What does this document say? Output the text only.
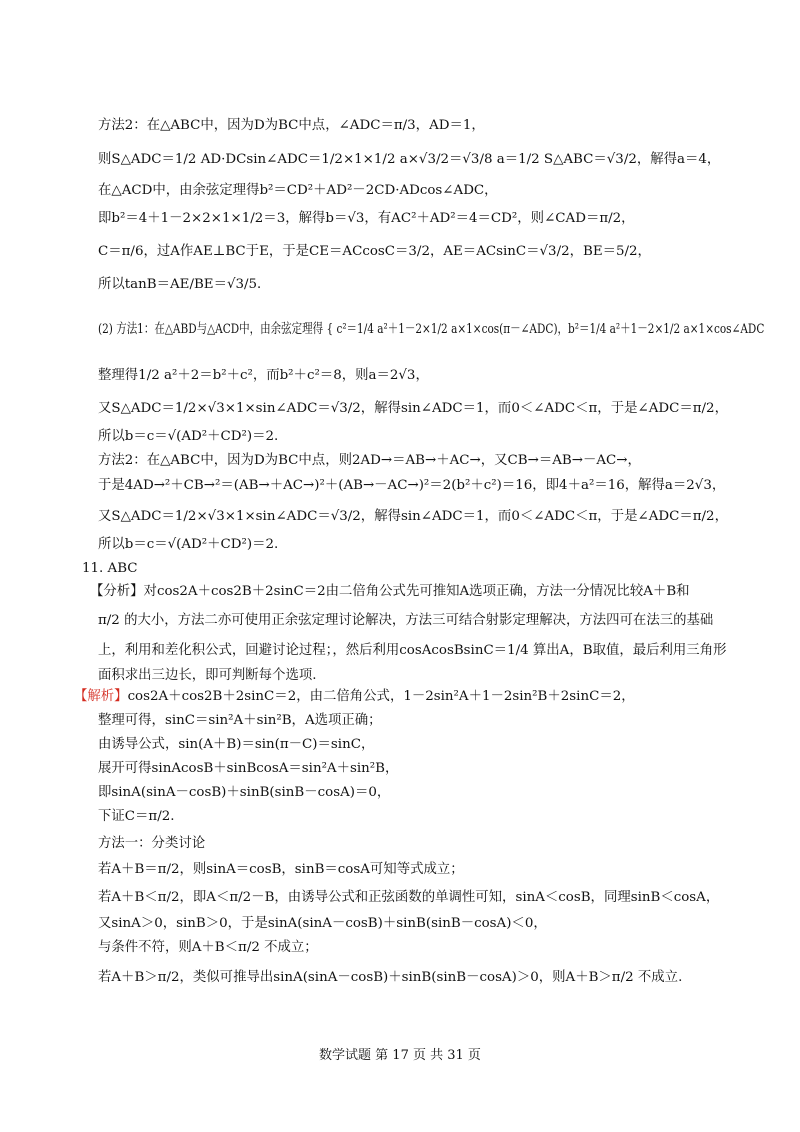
方法2：在△ABC中，因为D为BC中点，∠ADC＝π/3，AD＝1，
则S△ADC＝1/2 AD·DCsin∠ADC＝1/2×1×1/2 a×√3/2＝√3/8 a＝1/2 S△ABC＝√3/2，解得a＝4，
在△ACD中，由余弦定理得b²＝CD²＋AD²－2CD·ADcos∠ADC，
即b²＝4＋1－2×2×1×1/2＝3，解得b＝√3，有AC²＋AD²＝4＝CD²，则∠CAD＝π/2，
C＝π/6，过A作AE⊥BC于E，于是CE＝ACcosC＝3/2，AE＝ACsinC＝√3/2，BE＝5/2，
所以tanB＝AE/BE＝√3/5．
(2) 方法1：在△ABD与△ACD中，由余弦定理得 { c²＝1/4 a²＋1－2×1/2 a×1×cos(π－∠ADC)，b²＝1/4 a²＋1－2×1/2 a×1×cos∠ADC
整理得1/2 a²＋2＝b²＋c²，而b²＋c²＝8，则a＝2√3，
又S△ADC＝1/2×√3×1×sin∠ADC＝√3/2，解得sin∠ADC＝1，而0＜∠ADC＜π，于是∠ADC＝π/2，
所以b＝c＝√(AD²＋CD²)＝2.
方法2：在△ABC中，因为D为BC中点，则2AD→＝AB→＋AC→，又CB→＝AB→－AC→，
于是4AD→²＋CB→²＝(AB→＋AC→)²＋(AB→－AC→)²＝2(b²＋c²)＝16，即4＋a²＝16，解得a＝2√3，
又S△ADC＝1/2×√3×1×sin∠ADC＝√3/2，解得sin∠ADC＝1，而0＜∠ADC＜π，于是∠ADC＝π/2，
所以b＝c＝√(AD²＋CD²)＝2.
11. ABC
【分析】对cos2A＋cos2B＋2sinC＝2由二倍角公式先可推知A选项正确，方法一分情况比较A＋B和
π/2 的大小，方法二亦可使用正余弦定理讨论解决，方法三可结合射影定理解决，方法四可在法三的基础
上，利用和差化积公式，回避讨论过程；，然后利用cosAcosBsinC＝1/4 算出A，B取值，最后利用三角形
面积求出三边长，即可判断每个选项.
【解析】cos2A＋cos2B＋2sinC＝2，由二倍角公式，1－2sin²A＋1－2sin²B＋2sinC＝2，
整理可得，sinC＝sin²A＋sin²B，A选项正确；
由诱导公式，sin(A＋B)＝sin(π－C)＝sinC，
展开可得sinAcosB＋sinBcosA＝sin²A＋sin²B，
即sinA(sinA－cosB)＋sinB(sinB－cosA)＝0，
下证C＝π/2.
方法一：分类讨论
若A＋B＝π/2，则sinA＝cosB，sinB＝cosA可知等式成立；
若A＋B＜π/2，即A＜π/2－B，由诱导公式和正弦函数的单调性可知，sinA＜cosB，同理sinB＜cosA，
又sinA＞0，sinB＞0，于是sinA(sinA－cosB)＋sinB(sinB－cosA)＜0，
与条件不符，则A＋B＜π/2 不成立；
若A＋B＞π/2，类似可推导出sinA(sinA－cosB)＋sinB(sinB－cosA)＞0，则A＋B＞π/2 不成立.
数学试题 第 17 页 共 31 页
